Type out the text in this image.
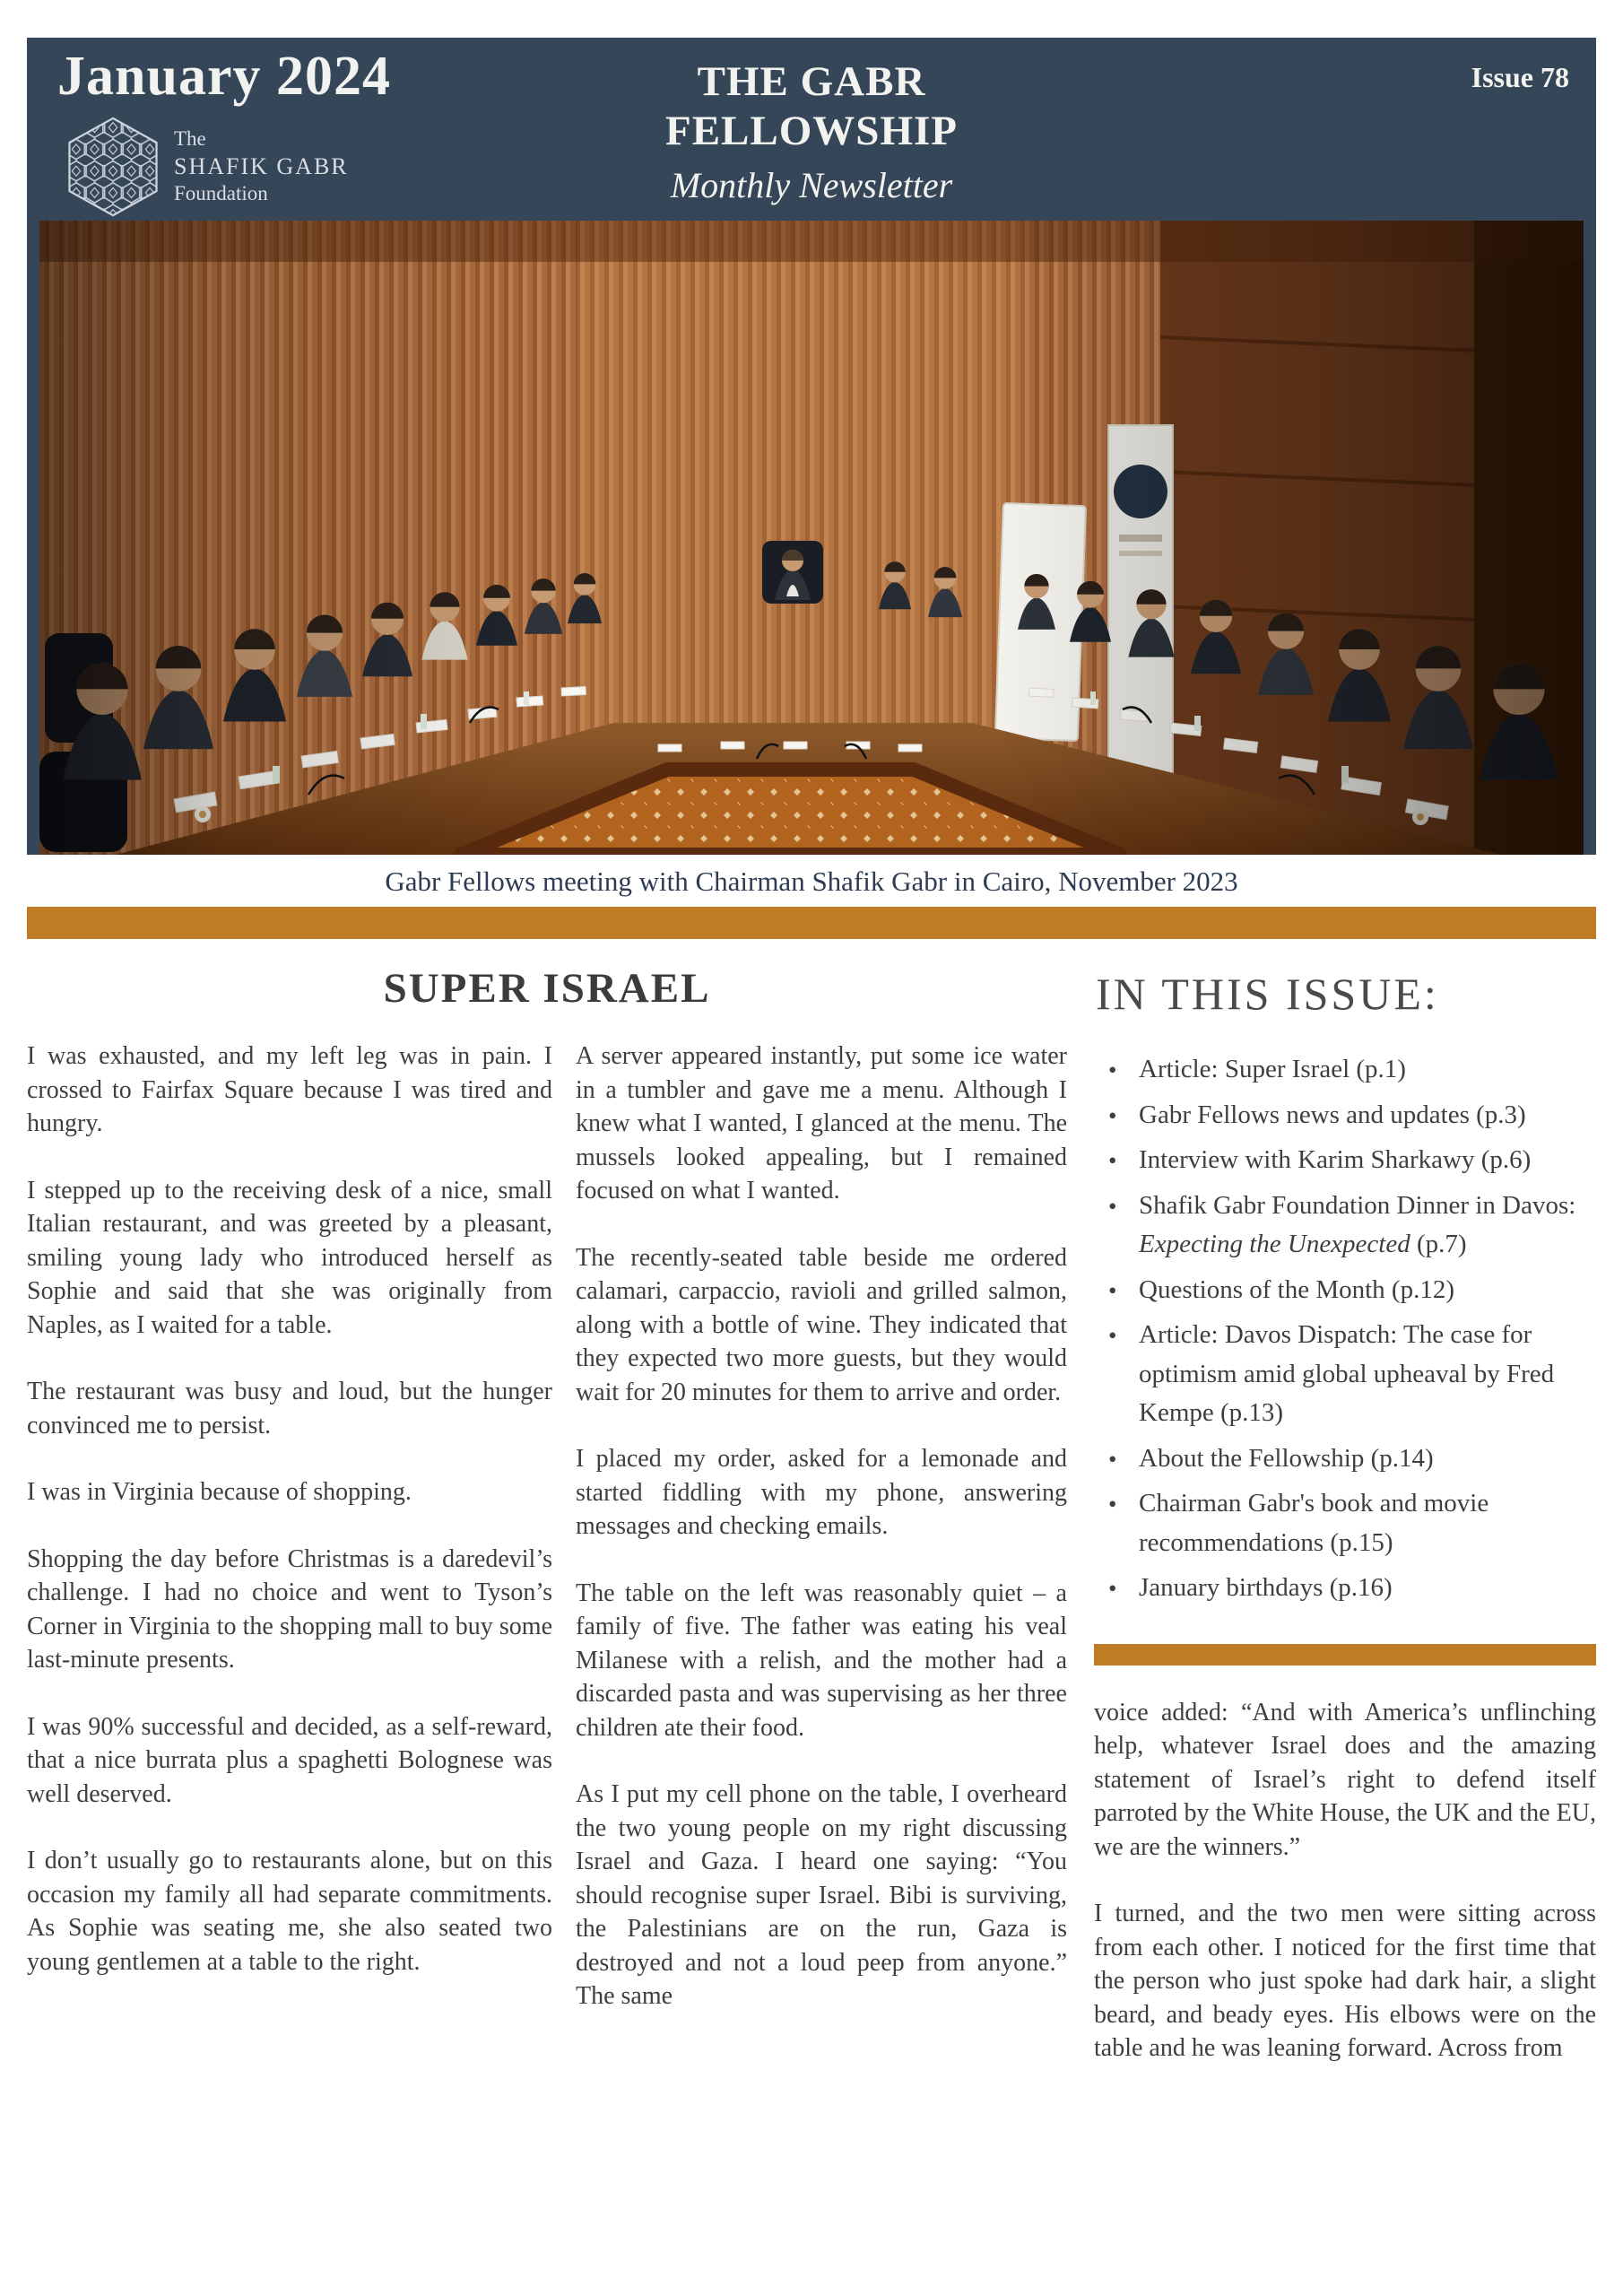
January 2024
The
SHAFIK GABR
Foundation
THE GABR
FELLOWSHIP
Monthly Newsletter
Issue 78
Gabr Fellows meeting with Chairman Shafik Gabr in Cairo, November 2023
SUPER ISRAEL

I was exhausted, and my left leg was in pain. I crossed to Fairfax Square because I was tired and hungry.

I stepped up to the receiving desk of a nice, small Italian restaurant, and was greeted by a pleasant, smiling young lady who introduced herself as Sophie and said that she was originally from Naples, as I waited for a table.

The restaurant was busy and loud, but the hunger convinced me to persist.

I was in Virginia because of shopping.

Shopping the day before Christmas is a daredevil’s challenge. I had no choice and went to Tyson’s Corner in Virginia to the shopping mall to buy some last-minute presents.

I was 90% successful and decided, as a self-reward, that a nice burrata plus a spaghetti Bolognese was well deserved.

I don’t usually go to restaurants alone, but on this occasion my family all had separate commitments. As Sophie was seating me, she also seated two young gentlemen at a table to the right.

A server appeared instantly, put some ice water in a tumbler and gave me a menu. Although I knew what I wanted, I glanced at the menu. The mussels looked appealing, but I remained focused on what I wanted.

The recently-seated table beside me ordered calamari, carpaccio, ravioli and grilled salmon, along with a bottle of wine. They indicated that they expected two more guests, but they would wait for 20 minutes for them to arrive and order.

I placed my order, asked for a lemonade and started fiddling with my phone, answering messages and checking emails.

The table on the left was reasonably quiet – a family of five. The father was eating his veal Milanese with a relish, and the mother had a discarded pasta and was supervising as her three children ate their food.

As I put my cell phone on the table, I overheard the two young people on my right discussing Israel and Gaza. I heard one saying: “You should recognise super Israel. Bibi is surviving, the Palestinians are on the run, Gaza is destroyed and not a loud peep from anyone.” The same

IN THIS ISSUE:
• Article: Super Israel (p.1)
• Gabr Fellows news and updates (p.3)
• Interview with Karim Sharkawy (p.6)
• Shafik Gabr Foundation Dinner in Davos: Expecting the Unexpected (p.7)
• Questions of the Month (p.12)
• Article: Davos Dispatch: The case for optimism amid global upheaval by Fred Kempe (p.13)
• About the Fellowship (p.14)
• Chairman Gabr's book and movie recommendations (p.15)
• January birthdays (p.16)

voice added: “And with America’s unflinching help, whatever Israel does and the amazing statement of Israel’s right to defend itself parroted by the White House, the UK and the EU, we are the winners.”

I turned, and the two men were sitting across from each other. I noticed for the first time that the person who just spoke had dark hair, a slight beard, and beady eyes. His elbows were on the table and he was leaning forward. Across from
